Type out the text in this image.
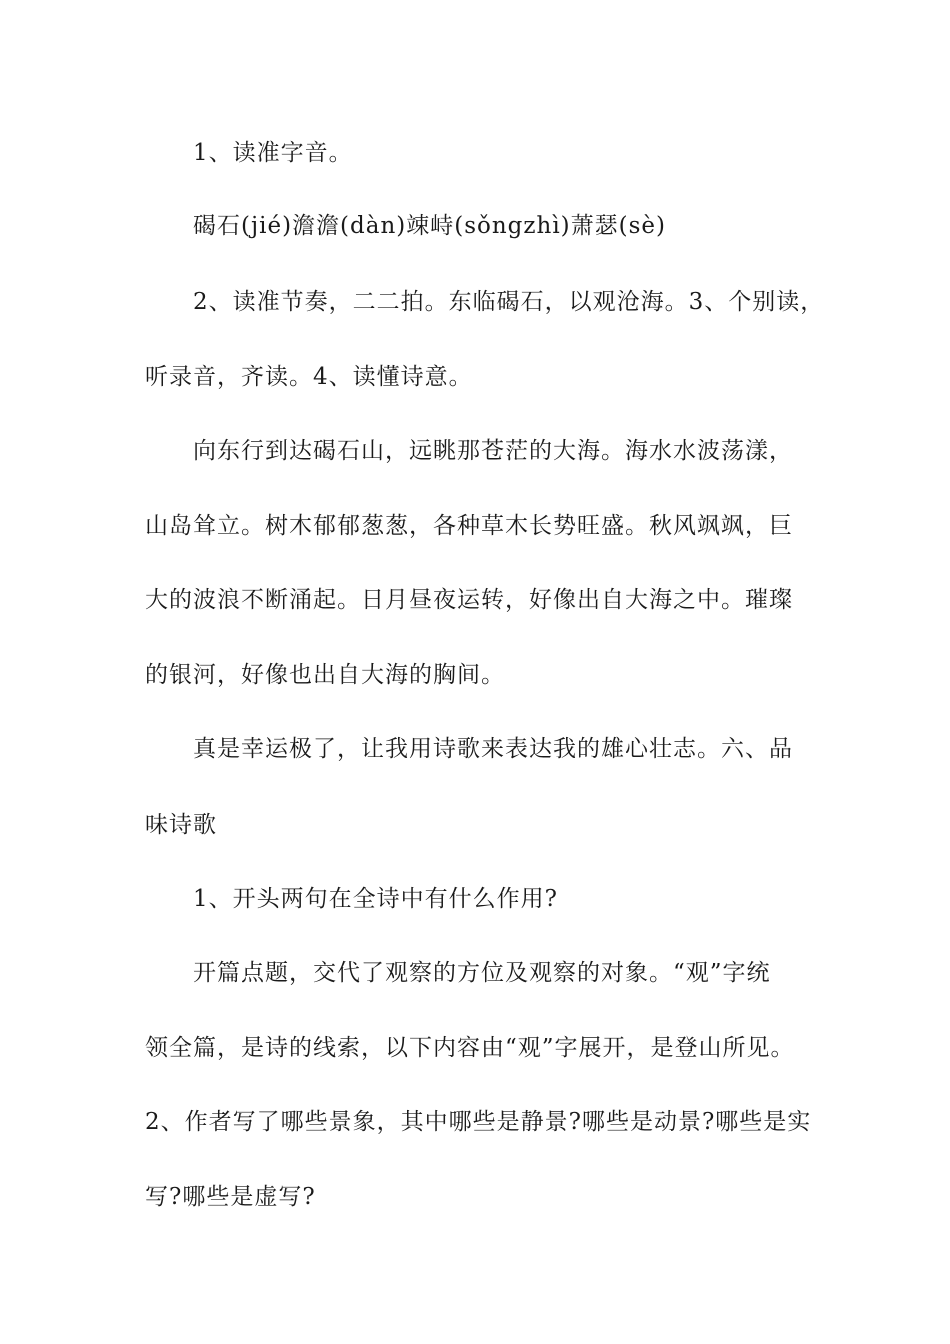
1、读准字音。
碣石(jié)澹澹(dàn)竦峙(sǒngzhì)萧瑟(sè)
2、读准节奏，二二拍。东临碣石，以观沧海。3、个别读，
听录音，齐读。4、读懂诗意。
向东行到达碣石山，远眺那苍茫的大海。海水水波荡漾，
山岛耸立。树木郁郁葱葱，各种草木长势旺盛。秋风飒飒，巨
大的波浪不断涌起。日月昼夜运转，好像出自大海之中。璀璨
的银河，好像也出自大海的胸间。
真是幸运极了，让我用诗歌来表达我的雄心壮志。六、品
味诗歌
1、开头两句在全诗中有什么作用?
开篇点题，交代了观察的方位及观察的对象。“观”字统
领全篇，是诗的线索，以下内容由“观”字展开，是登山所见。
2、作者写了哪些景象，其中哪些是静景?哪些是动景?哪些是实
写?哪些是虚写?
